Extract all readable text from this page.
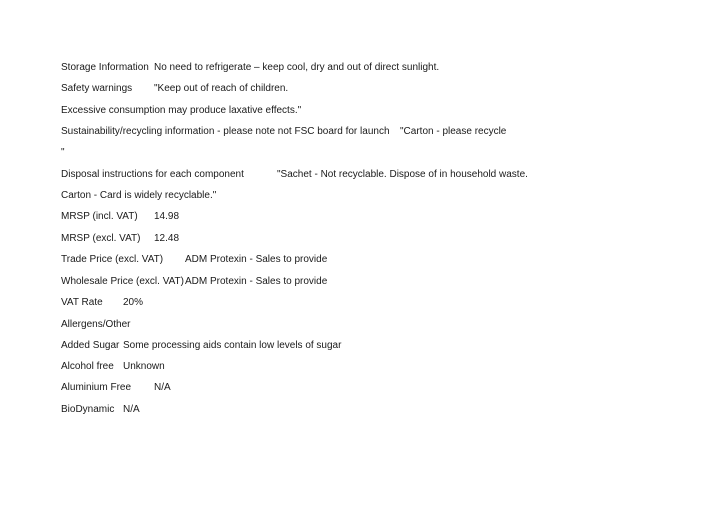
Storage Information No need to refrigerate – keep cool, dry and out of direct sunlight.
Safety warnings "Keep out of reach of children.
Excessive consumption may produce laxative effects."
Sustainability/recycling information - please note not FSC board for launch "Carton - please recycle
"
Disposal instructions for each component	"Sachet - Not recyclable. Dispose of in household waste.
Carton - Card is widely recyclable."
MRSP (incl. VAT) 14.98
MRSP (excl. VAT) 12.48
Trade Price (excl. VAT) ADM Protexin - Sales to provide
Wholesale Price (excl. VAT) ADM Protexin - Sales to provide
VAT Rate 20%
Allergens/Other
Added Sugar Some processing aids contain low levels of sugar
Alcohol free Unknown
Aluminium Free N/A
BioDynamic N/A
